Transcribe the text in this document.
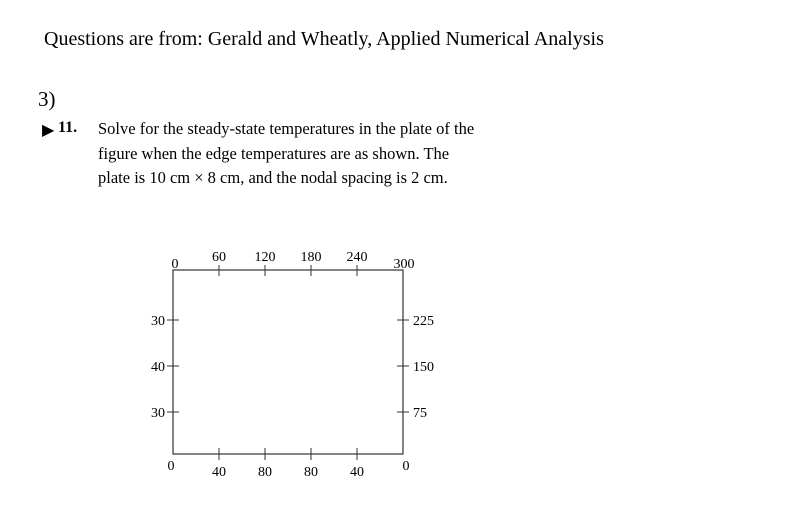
Questions are from: Gerald and Wheatly, Applied Numerical Analysis
3)
▶ 11. Solve for the steady-state temperatures in the plate of the
figure when the edge temperatures are as shown. The
plate is 10 cm × 8 cm, and the nodal spacing is 2 cm.
0	300
0	0
60 120 180 240
40 80 80 40
30
40
30
225
150
75
